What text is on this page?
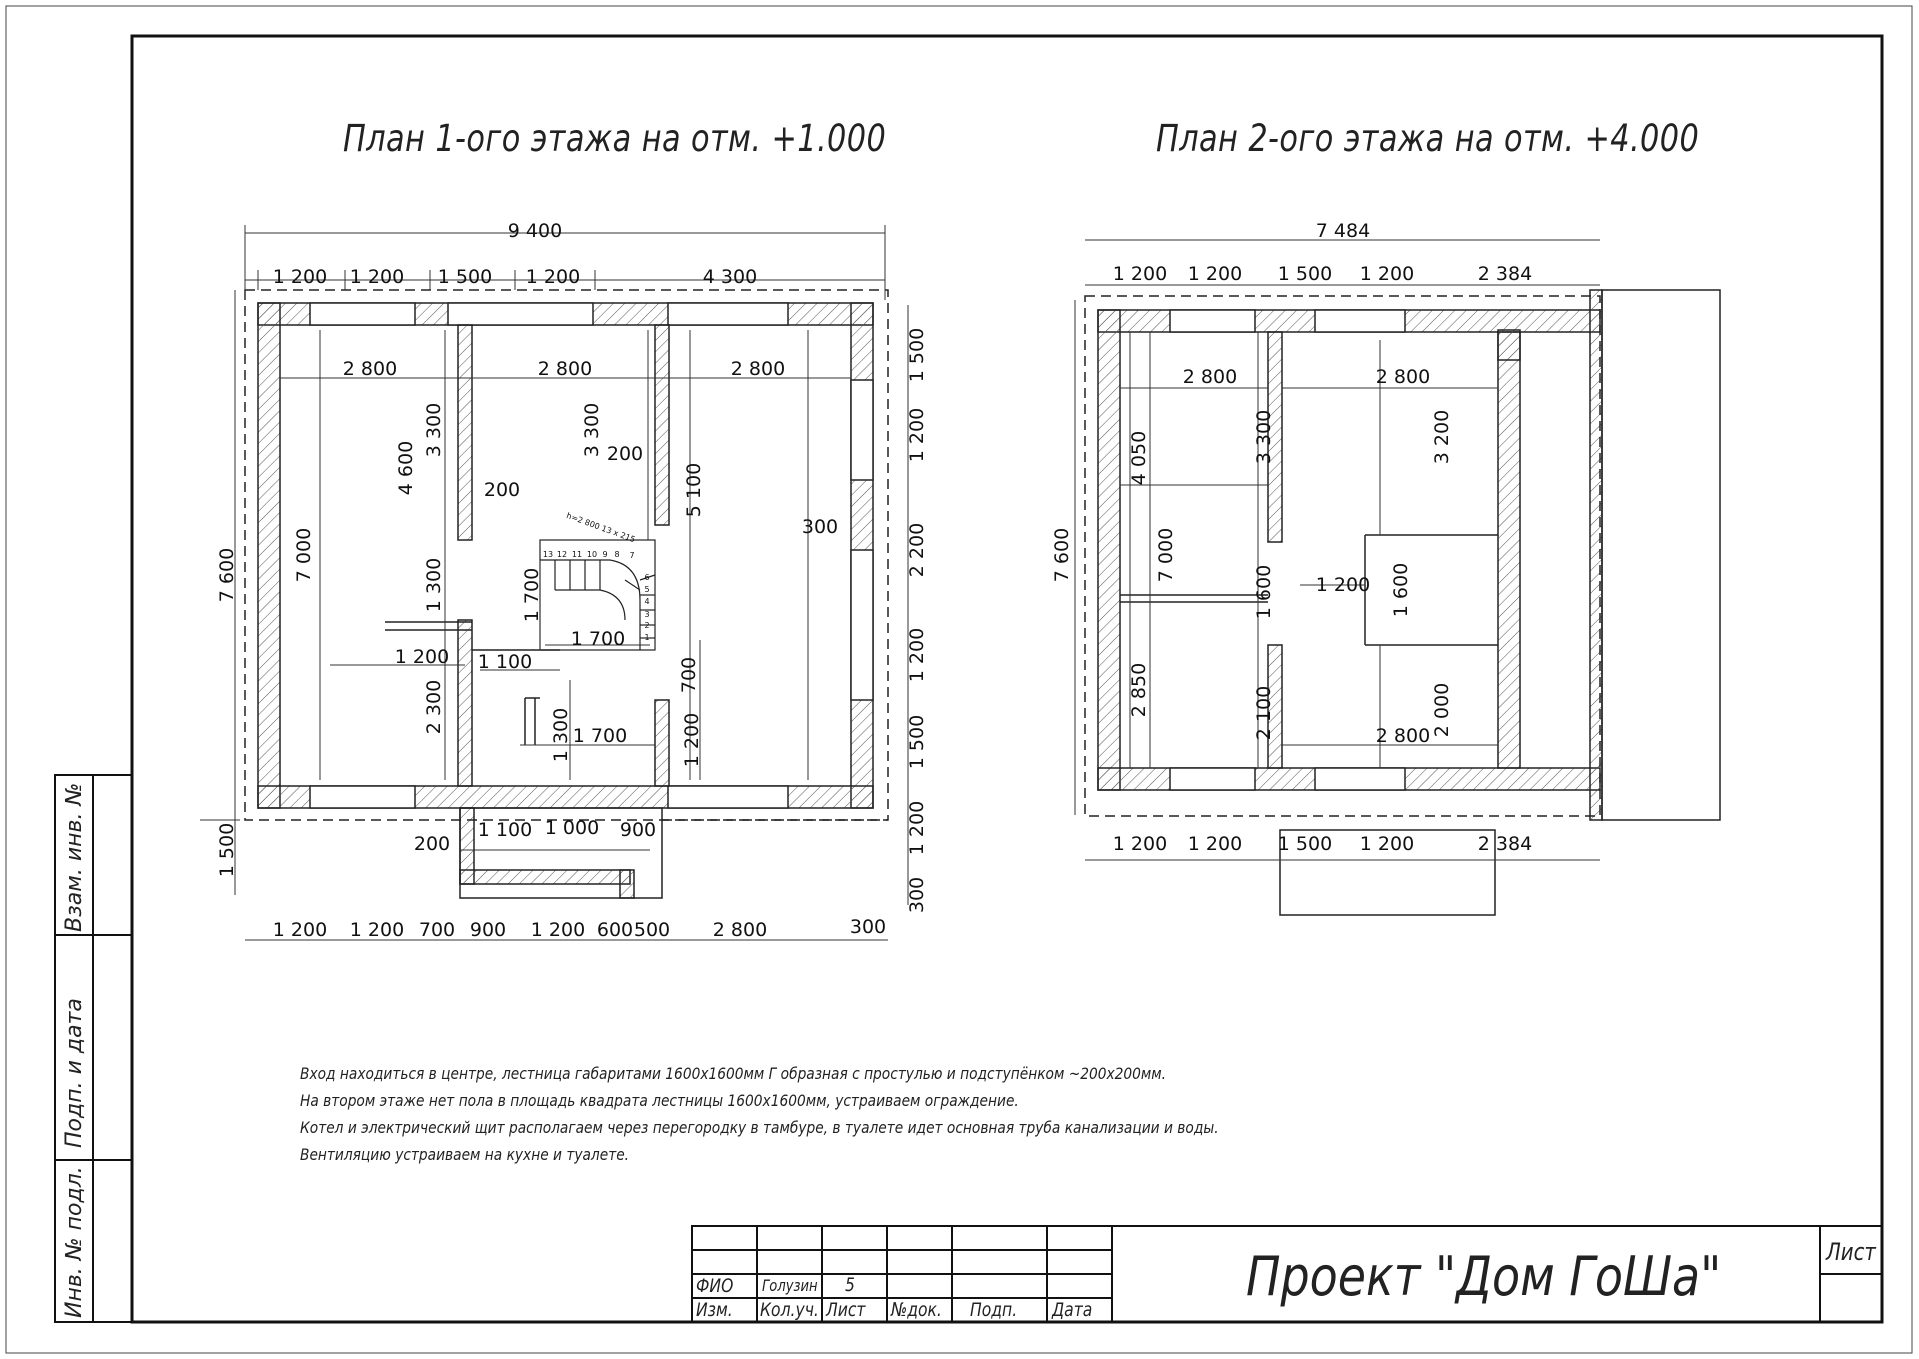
9 400
7 600
1 200 1 200 1 500 1 200	4 300
2 800	2 800	2 800
1 200 1 200 700 900 1 200 600 500 2 800	300
1 500
1 200
2 200
1 200
1 500
1 200
300
7 000
4 600
3 300	3 300
200
200
5 100
300
1 300	1 700
1 700
1 200 1 100
2 300
700
1 300 1 700	1 200
1 500	200
1 100 1 000 900
1
2
3
4
5
6
7
8
9
10
11
12
13
h=2 800 13 x 215
7 484
7 600
1 200 1 200 1 500 1 200	2 384
1 200 1 200 1 500 1 200	2 384
2 800	2 800
2 800
4 050
7 000
2 850
3 300
1 600
2 100
1 200
3 200
1 600
2 000
План 1-ого этажа на отм. +1.000	План 2-ого этажа на отм. +4.000
Вход находиться в центре, лестница габаритами 1600х1600мм Г образная с простулью и подступёнком ~200х200мм.
На втором этаже нет пола в площадь квадрата лестницы 1600х1600мм, устраиваем ограждение.
Котел и электрический щит располагаем через перегородку в тамбуре, в туалете идет основная труба канализации и воды.
Вентиляцию устраиваем на кухне и туалете.
Взам. инв. №
Подп. и дата
Инв. № подл.	ФИО Голузин 5
Изм. Кол.уч. Лист №док. Подп. Дата
Проект "Дом ГоШа"	Лист
